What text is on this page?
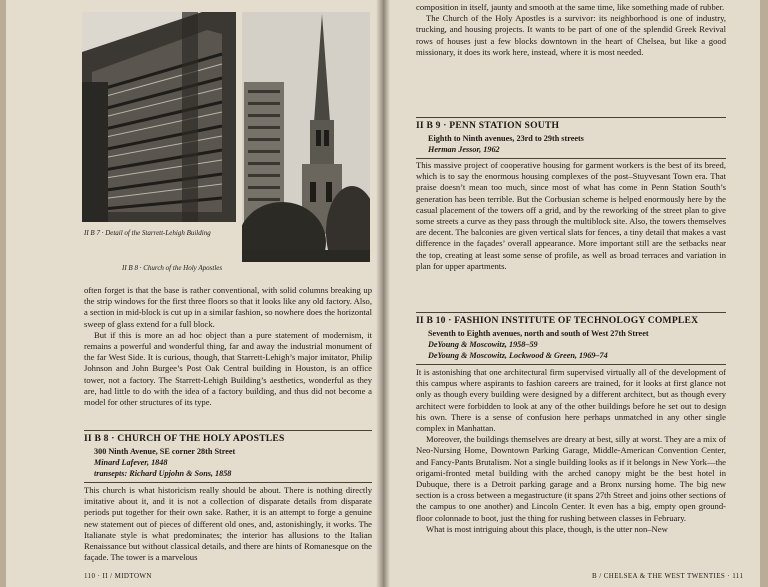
II B 7 · Detail of the Starrett-Lehigh Building
II B 8 · Church of the Holy Apostles

often forget is that the base is rather conventional, with solid columns breaking up the strip windows for the first three floors so that it looks like any old factory. Also, a section in mid-block is cut up in a similar fashion, so nowhere does the horizontal sweep of glass extend for a full block.

But if this is more an ad hoc object than a pure statement of modernism, it remains a powerful and wonderful thing, far and away the industrial monument of the far West Side. It is curious, though, that Starrett-Lehigh’s major imitator, Philip Johnson and John Burgee’s Post Oak Central building in Houston, is an office tower, not a factory. The Starrett-Lehigh Building’s aesthetics, wonderful as they are, had little to do with the idea of a factory building, and thus did not become a model for other structures of its type.

II B 8 · CHURCH OF THE HOLY APOSTLES
300 Ninth Avenue, SE corner 28th Street
Minard Lafever, 1848
transepts: Richard Upjohn & Sons, 1858

This church is what historicism really should be about. There is nothing directly imitative about it, and it is not a collection of disparate details from disparate periods put together for their own sake. Rather, it is an attempt to forge a genuine new statement out of pieces of different old ones, and, astonishingly, it works. The Italianate style is what predominates; the interior has allusions to the Italian Renaissance but without classical details, and there are hints of Romanesque on the façade. The tower is a marvelous

110 · II / MIDTOWN

composition in itself, jaunty and smooth at the same time, like something made of rubber.

The Church of the Holy Apostles is a survivor: its neighborhood is one of industry, trucking, and housing projects. It wants to be part of one of the splendid Greek Revival rows of houses just a few blocks downtown in the heart of Chelsea, but like a good missionary, it does its work here, instead, where it is most needed.

II B 9 · PENN STATION SOUTH
Eighth to Ninth avenues, 23rd to 29th streets
Herman Jessor, 1962

This massive project of cooperative housing for garment workers is the best of its breed, which is to say the enormous housing complexes of the post–Stuyvesant Town era. That praise doesn’t mean too much, since most of what has come in Penn Station South’s generation has been terrible. But the Corbusian scheme is helped enormously here by the casual placement of the towers off a grid, and by the reworking of the street plan to give some streets a curve as they pass through the multiblock site. Also, the towers themselves are decent. The balconies are given vertical slats for fences, a tiny detail that makes a vast difference in the façades’ overall appearance. More important still are the setbacks near the top, creating at least some sense of profile, as well as broad terraces and variation in plan for upper apartments.

II B 10 · FASHION INSTITUTE OF TECHNOLOGY COMPLEX
Seventh to Eighth avenues, north and south of West 27th Street
DeYoung & Moscowitz, 1958–59
DeYoung & Moscowitz, Lockwood & Green, 1969–74

It is astonishing that one architectural firm supervised virtually all of the development of this campus where aspirants to fashion careers are trained, for it looks at first glance not only as though every building were designed by a different architect, but as though every architect were forbidden to look at any of the other buildings before he set out to design his own. There is a sense of confusion here perhaps unmatched in any other single complex in Manhattan.

Moreover, the buildings themselves are dreary at best, silly at worst. They are a mix of Neo-Nursing Home, Downtown Parking Garage, Middle-American Convention Center, and Fancy-Pants Brutalism. Not a single building looks as if it belongs in New York—the origami-fronted metal building with the arched canopy might be the best hotel in Dubuque, there is a Detroit parking garage and a Bronx nursing home. The big new section is a cross between a megastructure (it spans 27th Street and joins other sections of the campus to one another) and Lincoln Center. It even has a big, empty open ground-floor colonnade to boot, just the thing for rushing between classes in February.

What is most intriguing about this place, though, is the utter non–New

B / CHELSEA & THE WEST TWENTIES · 111
